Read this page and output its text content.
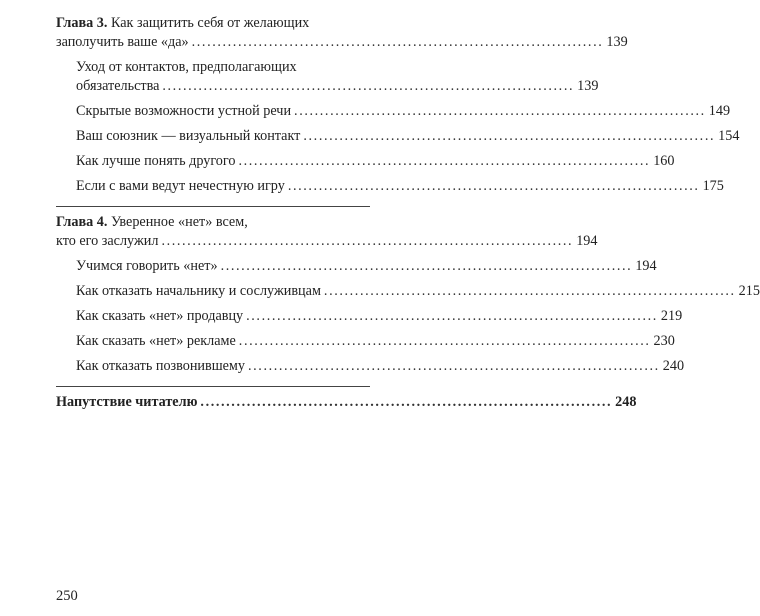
Глава 3. Как защитить себя от желающих
заполучить ваше «да» ................................................................................ 139
Уход от контактов, предполагающих
обязательства ................................................................................ 139
Скрытые возможности устной речи ................................................................................ 149
Ваш союзник — визуальный контакт ................................................................................ 154
Как лучше понять другого ................................................................................ 160
Если с вами ведут нечестную игру ................................................................................ 175
Глава 4. Уверенное «нет» всем,
кто его заслужил ................................................................................ 194
Учимся говорить «нет» ................................................................................ 194
Как отказать начальнику и сослуживцам ................................................................................ 215
Как сказать «нет» продавцу ................................................................................ 219
Как сказать «нет» рекламе ................................................................................ 230
Как отказать позвонившему ................................................................................ 240
Напутствие читателю ................................................................................ 248
250
